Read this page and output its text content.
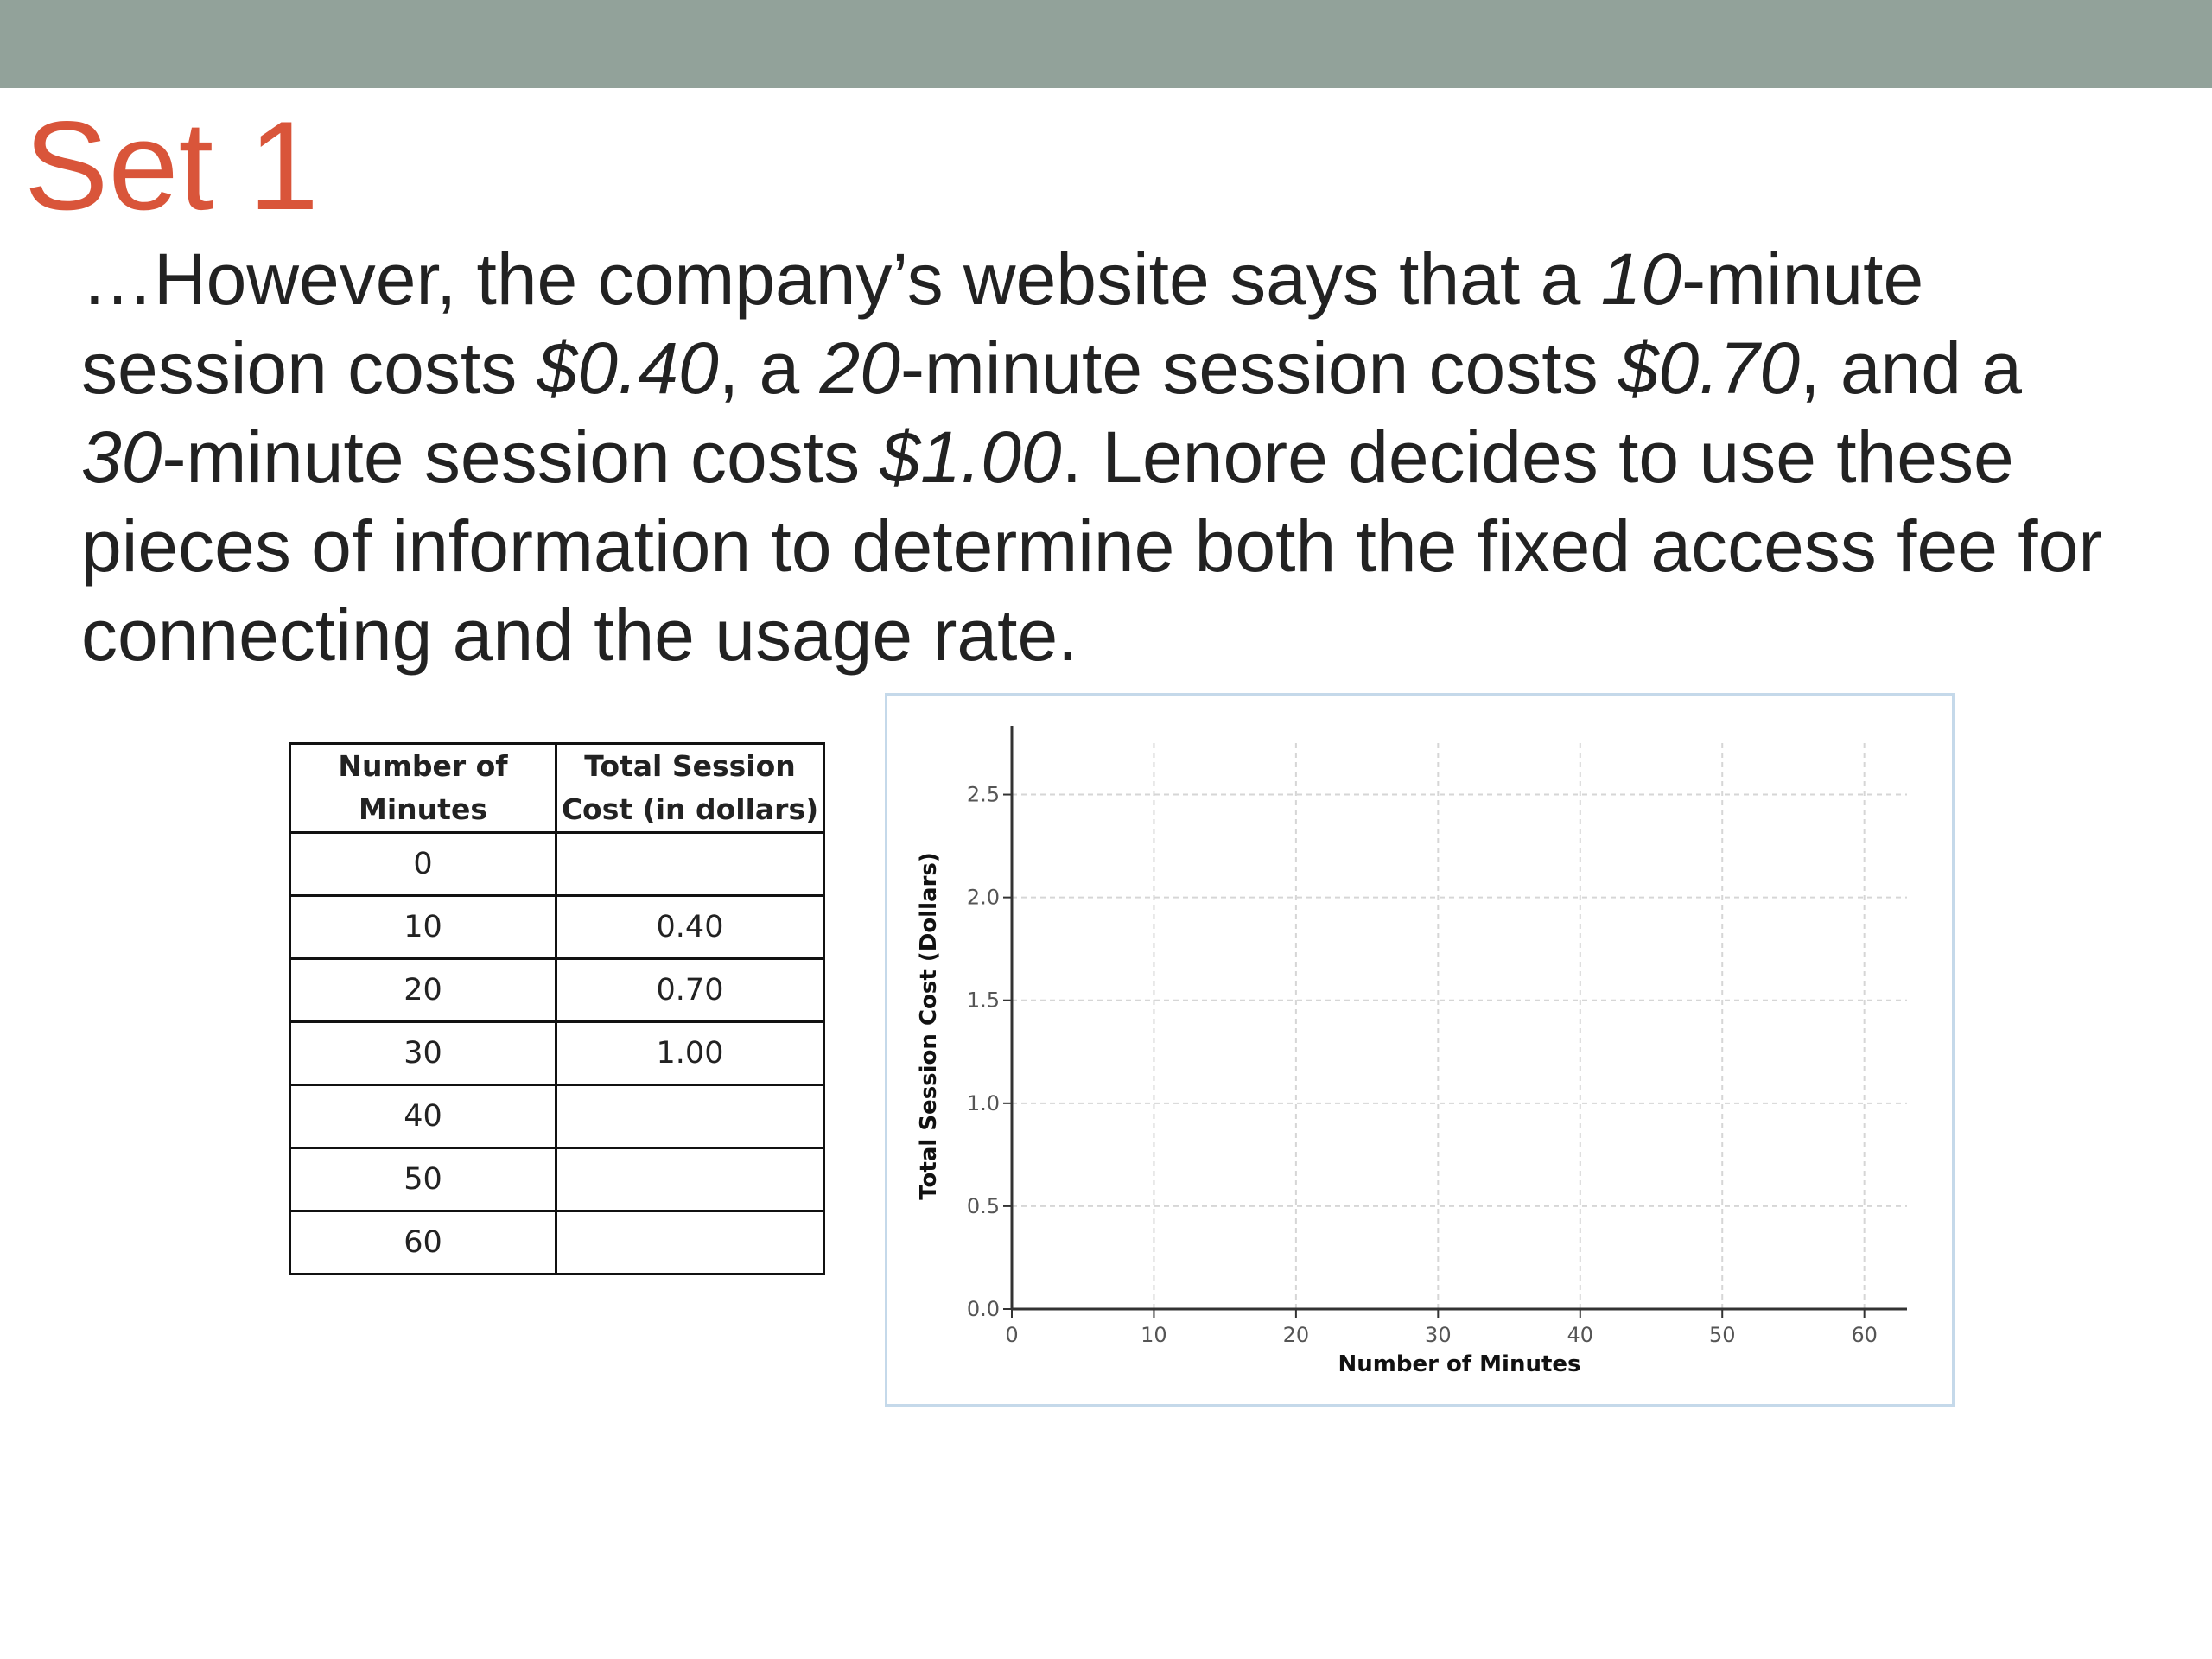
Set 1

…However, the company’s website says that a 10-minute
session costs $0.40, a 20-minute session costs $0.70, and a
30-minute session costs $1.00. Lenore decides to use these
pieces of information to determine both the fixed access fee for
connecting and the usage rate.

Number of
Minutes	Total Session
Cost (in dollars)
0	
10	0.40
20	0.70
30	1.00
40	
50	
60	
0	10	20	30	40	50	60
0.0
0.5
1.0
1.5
2.0
2.5
Number of Minutes
Total Session Cost (Dollars)
